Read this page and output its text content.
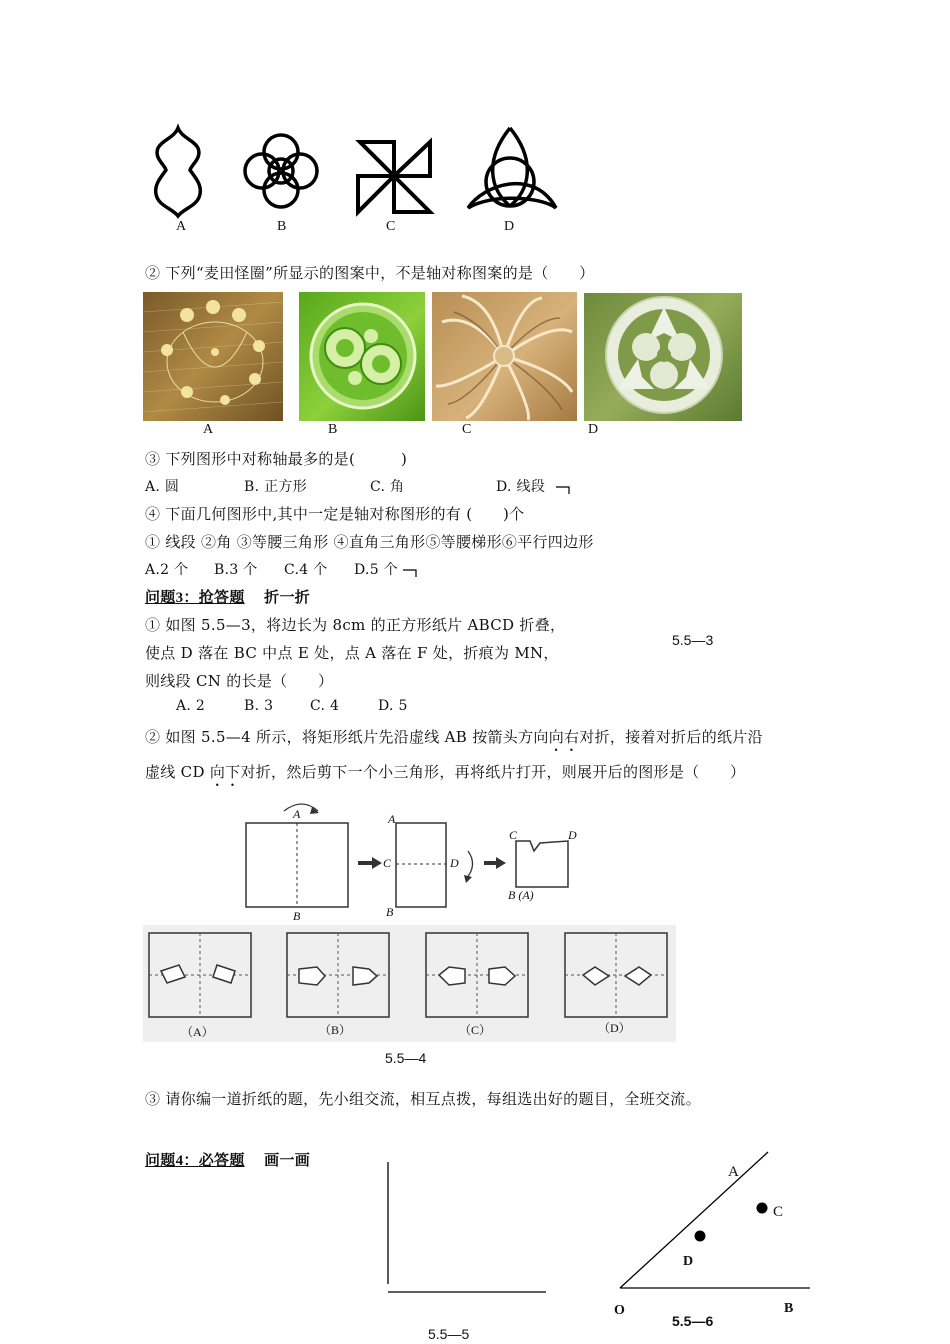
A	B	C	D
② 下列“麦田怪圈”所显示的图案中，不是轴对称图案的是（　　）
A	B	C	D
③ 下列图形中对称轴最多的是(　　　)
A. 圆	B. 正方形	C. 角	D. 线段
④ 下面几何图形中,其中一定是轴对称图形的有 (　　)个
① 线段 ②角 ③等腰三角形 ④直角三角形⑤等腰梯形⑥平行四边形
A.2 个 B.3 个 C.4 个 D.5 个
问题3：抢答题 折一折
① 如图 5.5—3，将边长为 8cm 的正方形纸片 ABCD 折叠，
使点 D 落在 BC 中点 E 处，点 A 落在 F 处，折痕为 MN，
则线段 CN 的长是（　　）
5.5—3
A. 2	B. 3	C. 4	D. 5
② 如图 5.5—4 所示，将矩形纸片先沿虚线 AB 按箭头方向向右对折，接着对折后的纸片沿
虚线 CD 向下对折，然后剪下一个小三角形，再将纸片打开，则展开后的图形是（　　）
A
B
A
B
C	D
C	D
B (A)
（A）	（B）	（C）	（D）
5.5—4
③ 请你编一道折纸的题，先小组交流，相互点拨，每组选出好的题目，全班交流。
问题4：必答题 画一画
5.5—5
A
C
D
O	B
5.5—6
